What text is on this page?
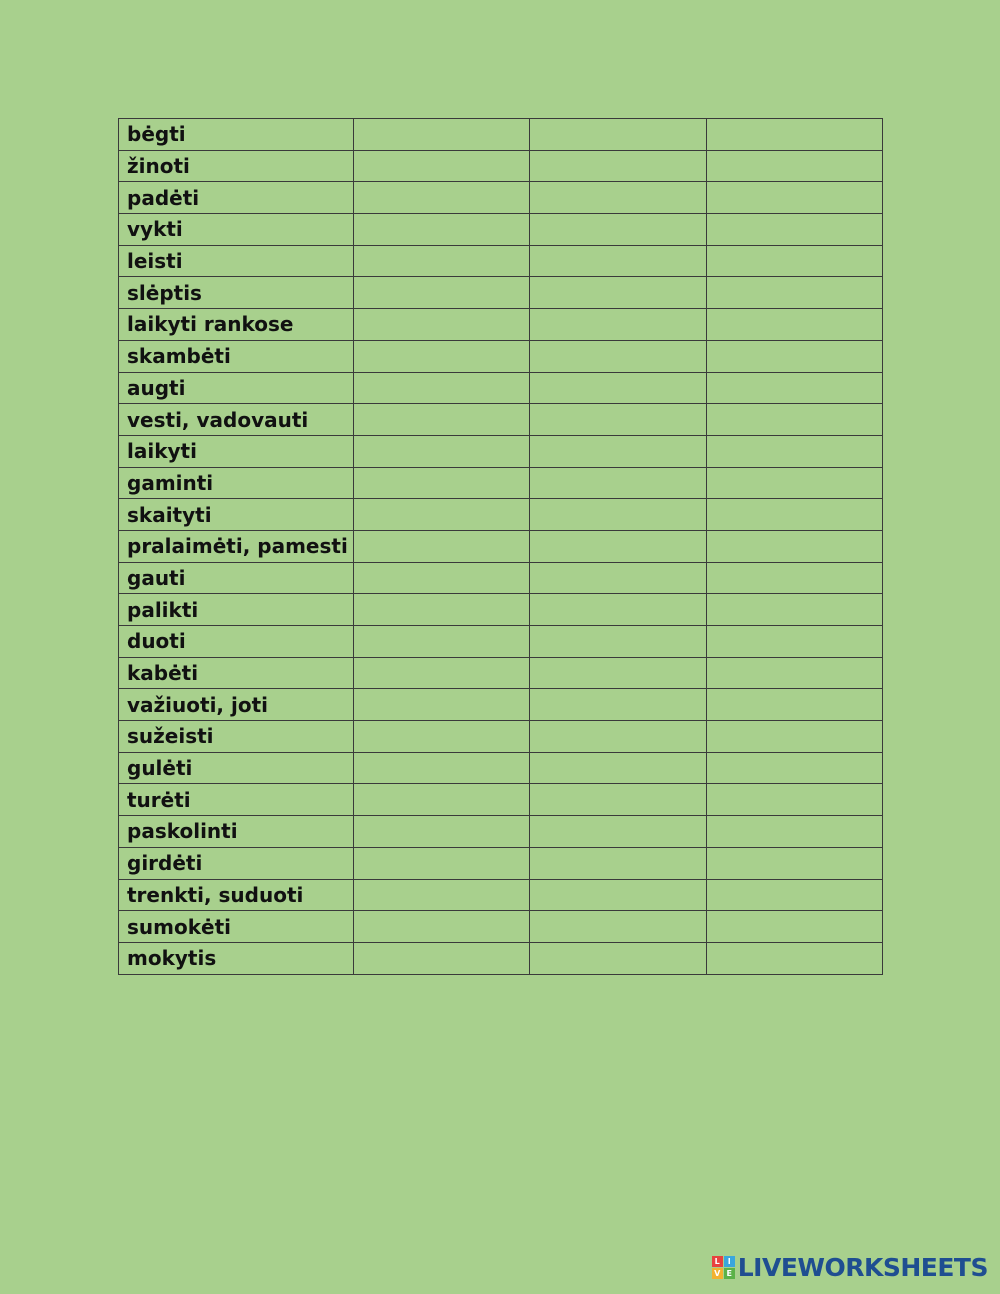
bėgti			
žinoti			
padėti			
vykti			
leisti			
slėptis			
laikyti rankose			
skambėti			
augti			
vesti, vadovauti			
laikyti			
gaminti			
skaityti			
pralaimėti, pamesti			
gauti			
palikti			
duoti			
kabėti			
važiuoti, joti			
sužeisti			
gulėti			
turėti			
paskolinti			
girdėti			
trenkti, suduoti			
sumokėti			
mokytis			
L I
V E LIVEWORKSHEETS
